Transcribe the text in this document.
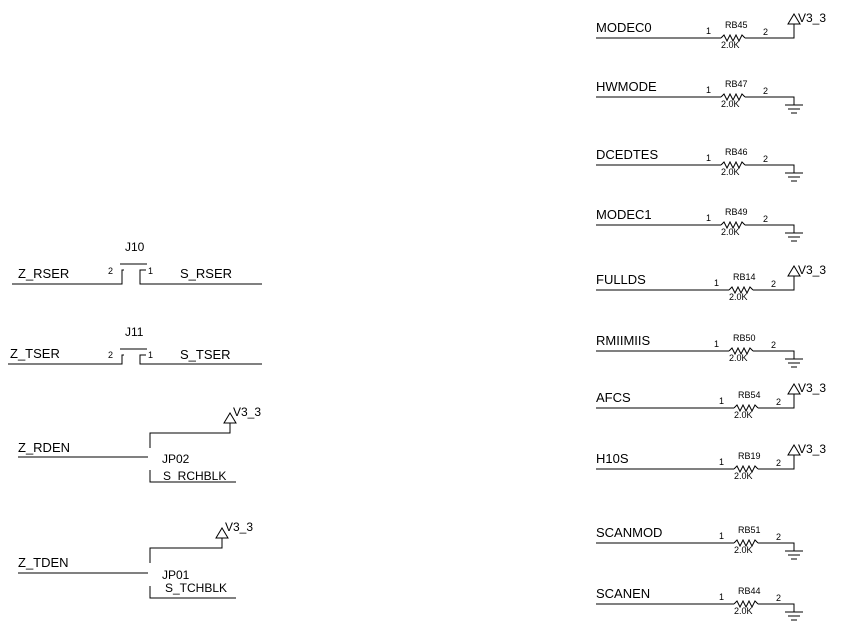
J10
Z_RSER	S_RSER
2	1
J11
Z_TSER	S_TSER
2	1
Z_RDEN
V3_3
JP02
S_RCHBLK
Z_TDEN
V3_3
JP01
S_TCHBLK
MODEC0	1
RB45
2.0K
2
V3_3
HWMODE	1
RB47
2.0K
2
DCEDTES	1
RB46
2.0K
2
MODEC1	1
RB49
2.0K
2
FULLDS	1
RB14
2.0K
2
V3_3
RMIIMIIS	1
RB50
2.0K
2
AFCS	1
RB54
2.0K
2
V3_3
H10S	1
RB19
2.0K
2
V3_3
SCANMOD	1
RB51
2.0K
2
SCANEN	1
RB44
2.0K
2
